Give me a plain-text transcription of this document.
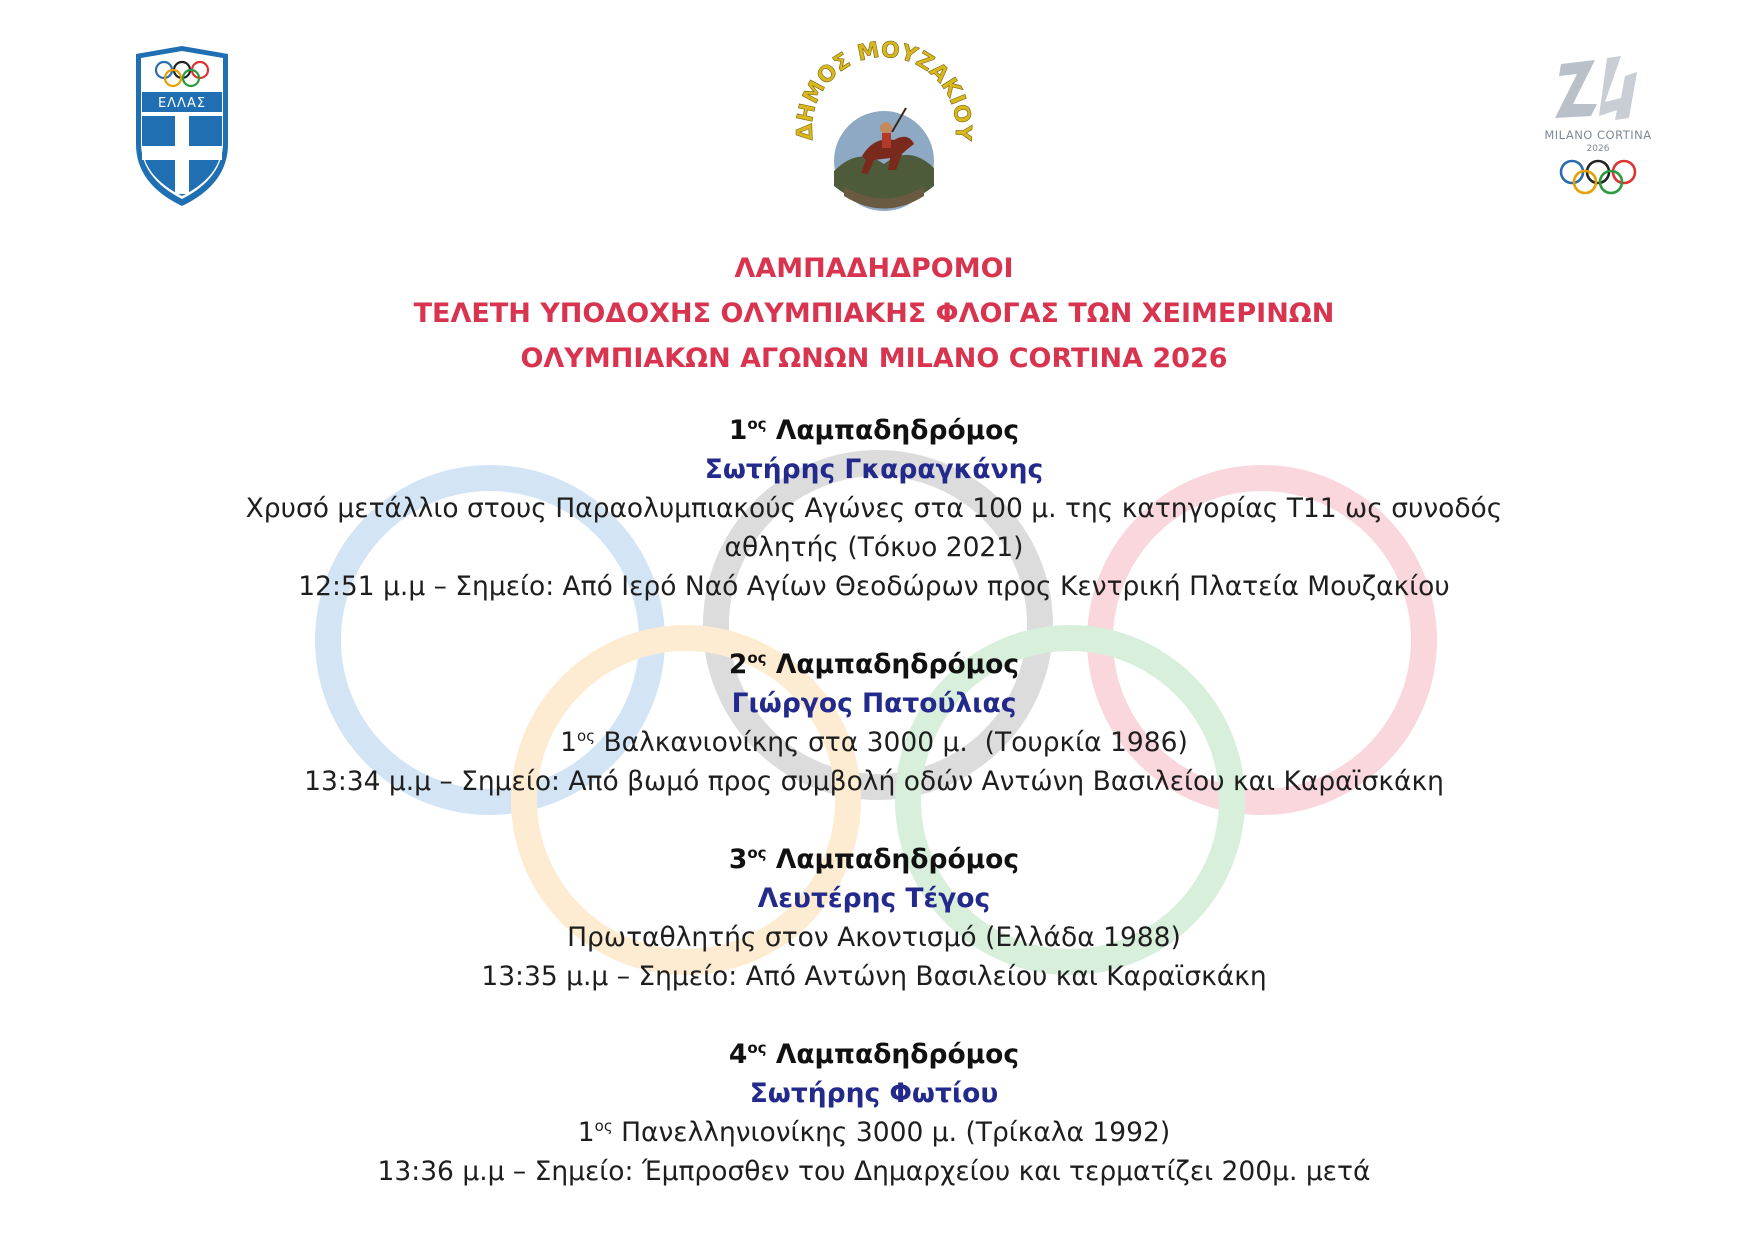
ΕΛΛΑΣ
ΔΗΜΟΣ ΜΟΥΖΑΚΙΟΥ	MILANO CORTINA
2026

ΛΑΜΠΑΔΗΔΡΟΜΟΙ

ΤΕΛΕΤΗ ΥΠΟΔΟΧΗΣ ΟΛΥΜΠΙΑΚΗΣ ΦΛΟΓΑΣ ΤΩΝ ΧΕΙΜΕΡΙΝΩΝ

ΟΛΥΜΠΙΑΚΩΝ ΑΓΩΝΩΝ MILANO CORTINA 2026

$1^{o\varsigma}$ Λαμπαδηδρόμος

Σωτήρης Γκαραγκάνης

Χρυσό μετάλλιο στους Παραολυμπιακούς Αγώνες στα 100 μ. της κατηγορίας Τ11 ως συνοδός

αθλητής (Τόκυο 2021)

12:51 μ.μ – Σημείο: Από Ιερό Ναό Αγίων Θεοδώρων προς Κεντρική Πλατεία Μουζακίου

$2^{o\varsigma}$ Λαμπαδηδρόμος

Γιώργος Πατούλιας

$1^{o\varsigma}$ Βαλκανιονίκης στα 3000 μ.  (Τουρκία 1986)

13:34 μ.μ – Σημείο: Από βωμό προς συμβολή οδών Αντώνη Βασιλείου και Καραϊσκάκη

$3^{o\varsigma}$ Λαμπαδηδρόμος

Λευτέρης Τέγος

Πρωταθλητής στον Ακοντισμό (Ελλάδα 1988)

13:35 μ.μ – Σημείο: Από Αντώνη Βασιλείου και Καραϊσκάκη

$4^{o\varsigma}$ Λαμπαδηδρόμος

Σωτήρης Φωτίου

$1^{o\varsigma}$ Πανελληνιονίκης 3000 μ. (Τρίκαλα 1992)

13:36 μ.μ – Σημείο: Έμπροσθεν του Δημαρχείου και τερματίζει 200μ. μετά
